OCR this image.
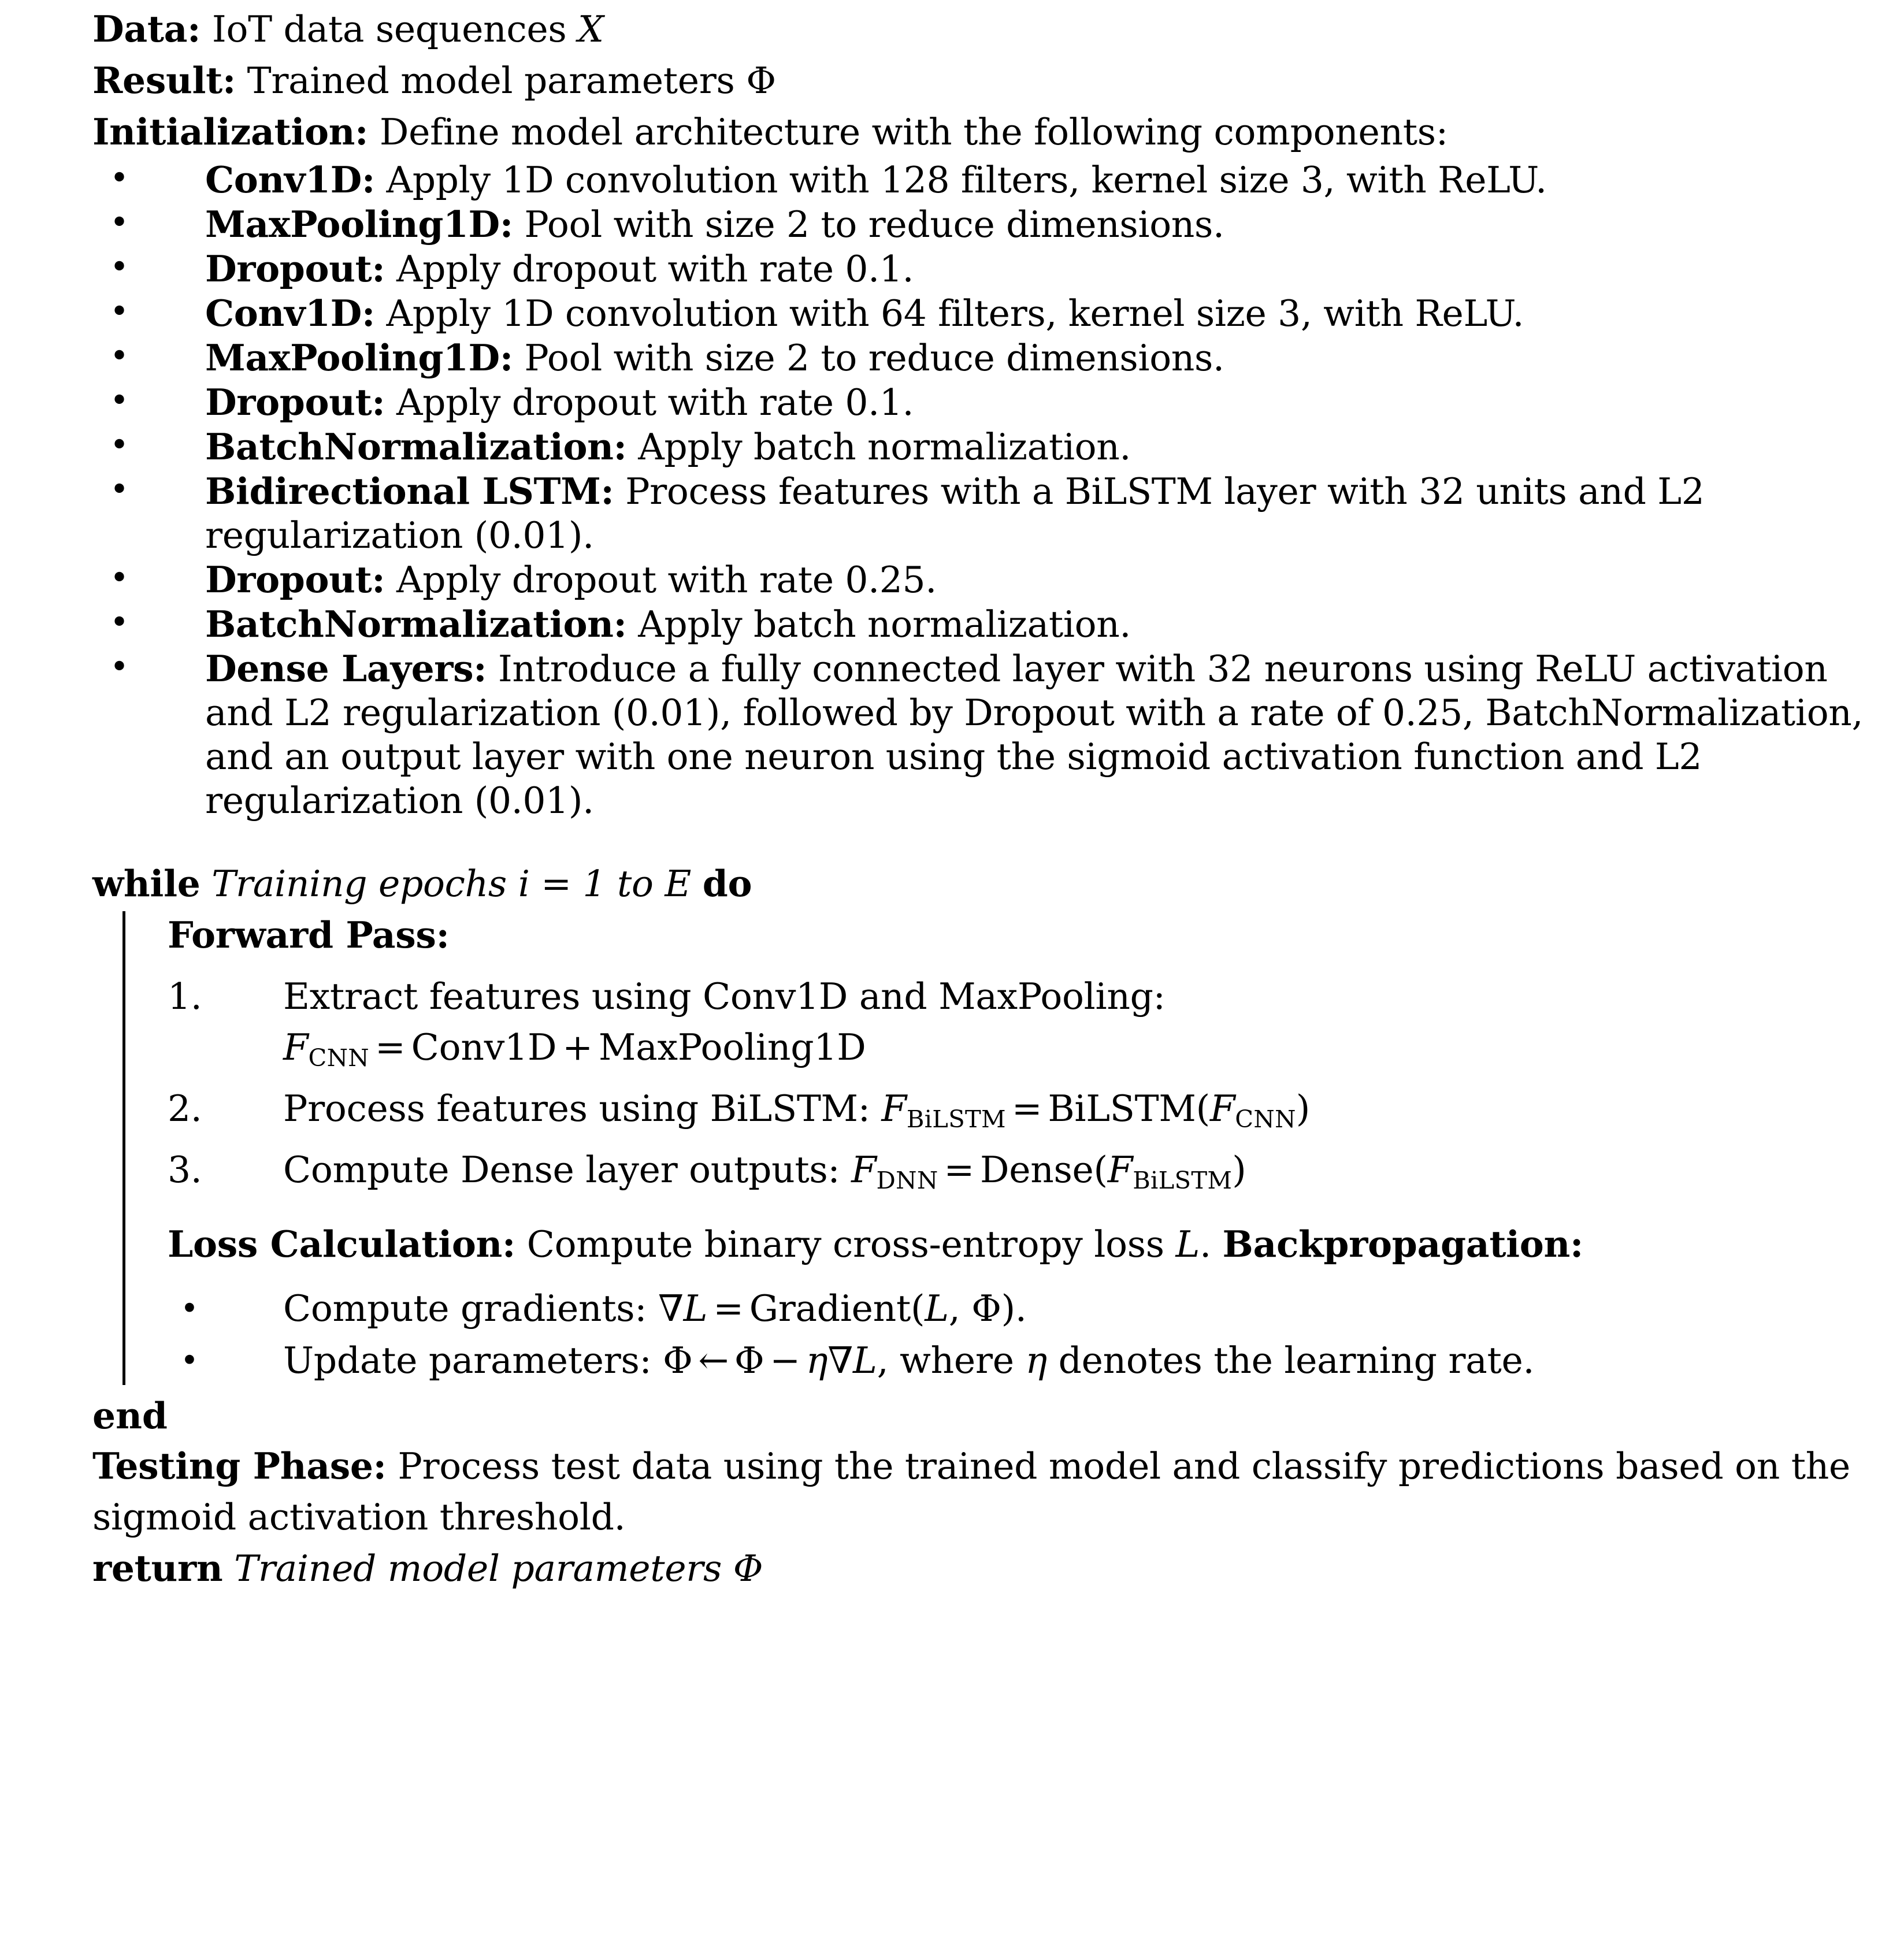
Data: IoT data sequences X
Result: Trained model parameters Φ
Initialization: Define model architecture with the following components:
• Conv1D: Apply 1D convolution with 128 filters, kernel size 3, with ReLU.
• MaxPooling1D: Pool with size 2 to reduce dimensions.
• Dropout: Apply dropout with rate 0.1.
• Conv1D: Apply 1D convolution with 64 filters, kernel size 3, with ReLU.
• MaxPooling1D: Pool with size 2 to reduce dimensions.
• Dropout: Apply dropout with rate 0.1.
• BatchNormalization: Apply batch normalization.
• Bidirectional LSTM: Process features with a BiLSTM layer with 32 units and L2 regularization (0.01).
• Dropout: Apply dropout with rate 0.25.
• BatchNormalization: Apply batch normalization.
• Dense Layers: Introduce a fully connected layer with 32 neurons using ReLU activation and L2 regularization (0.01), followed by Dropout with a rate of 0.25, BatchNormalization, and an output layer with one neuron using the sigmoid activation function and L2 regularization (0.01).
while Training epochs i = 1 to E do
Forward Pass:
Extract features using Conv1D and MaxPooling:
FCNN = Conv1D + MaxPooling1D
Process features using BiLSTM: FBiLSTM = BiLSTM(FCNN)
Compute Dense layer outputs: FDNN = Dense(FBiLSTM)
Loss Calculation: Compute binary cross-entropy loss L. Backpropagation:
• Compute gradients: ∇L = Gradient(L, Φ).
• Update parameters: Φ ← Φ − η∇L, where η denotes the learning rate.
end
Testing Phase: Process test data using the trained model and classify predictions based on the sigmoid activation threshold.
return Trained model parameters Φ
